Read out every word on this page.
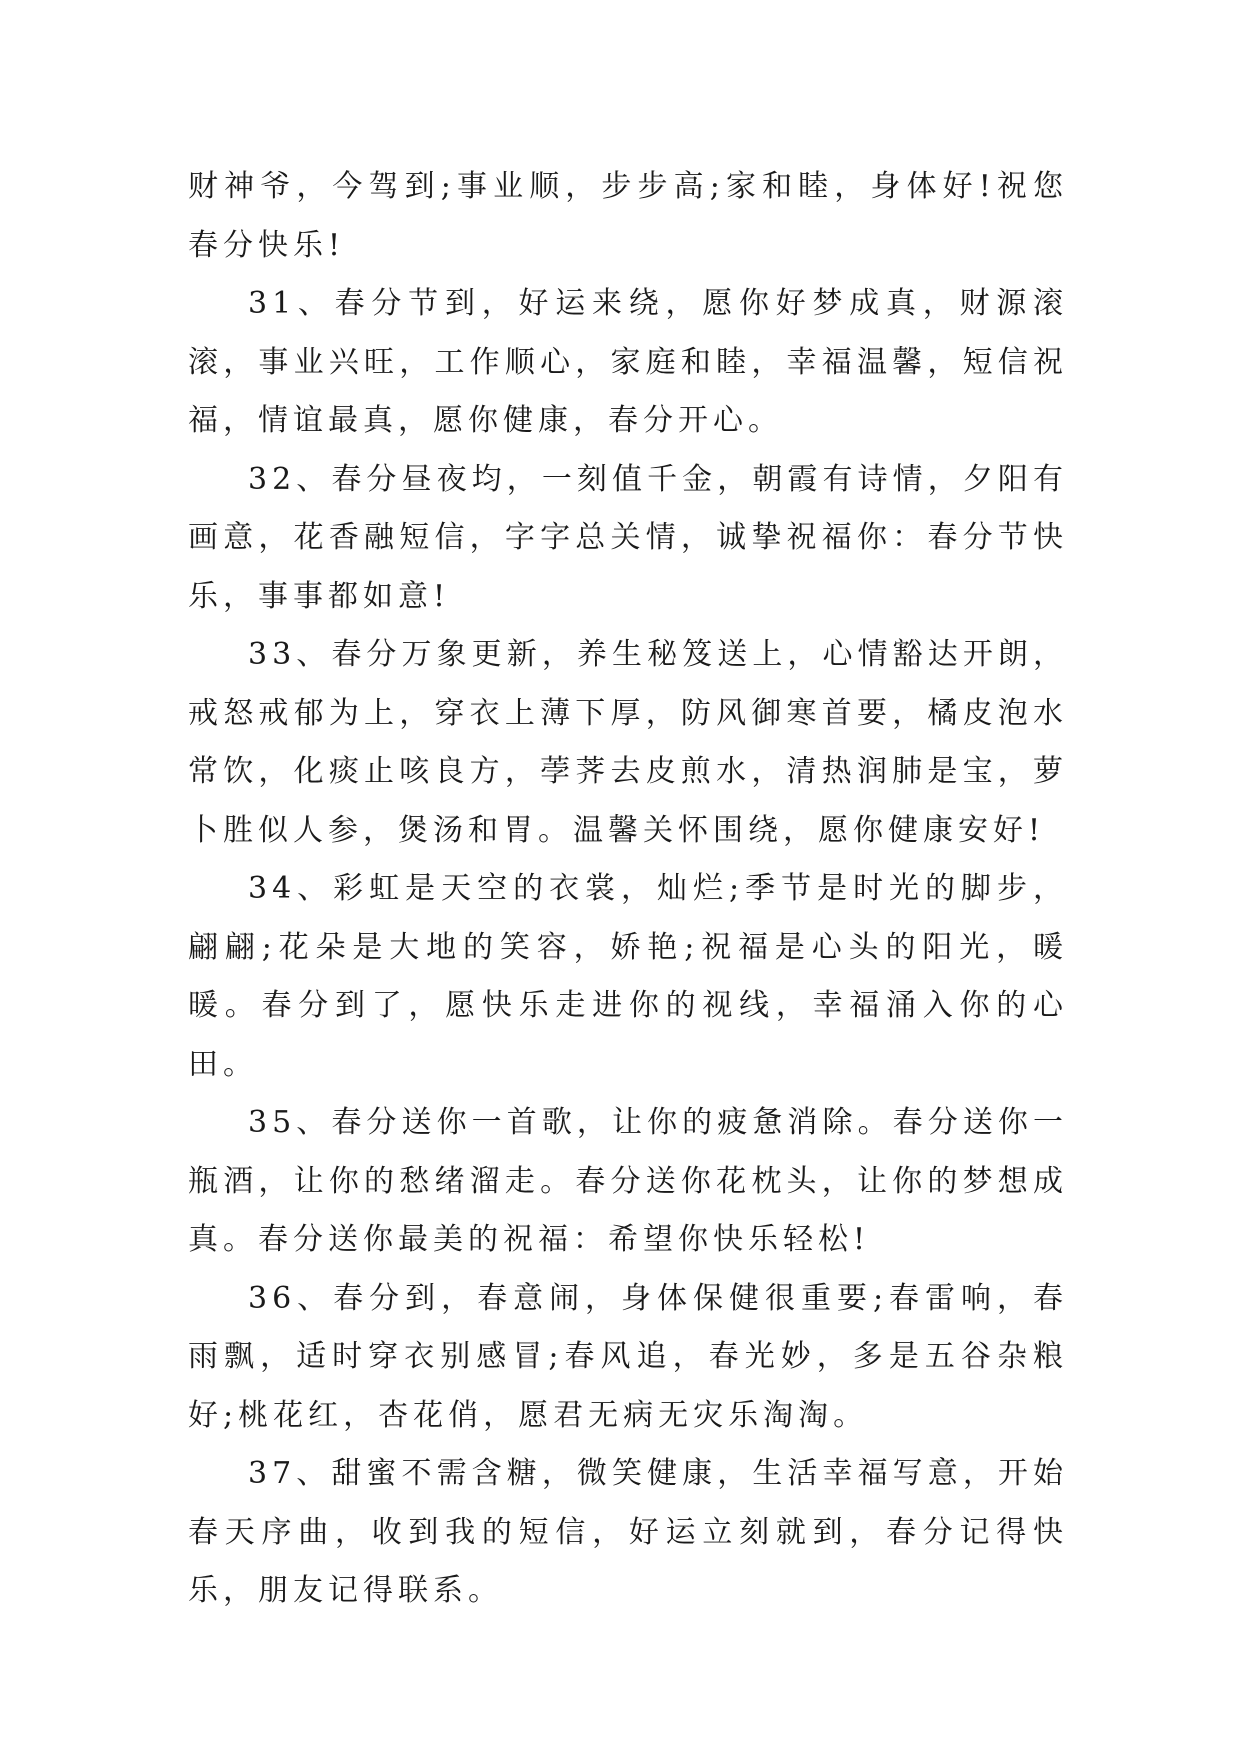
财神爷，今驾到;事业顺，步步高;家和睦，身体好!祝您春分快乐!

31、春分节到，好运来绕，愿你好梦成真，财源滚滚，事业兴旺，工作顺心，家庭和睦，幸福温馨，短信祝福，情谊最真，愿你健康，春分开心。

32、春分昼夜均，一刻值千金，朝霞有诗情，夕阳有画意，花香融短信，字字总关情，诚挚祝福你：春分节快乐，事事都如意!

33、春分万象更新，养生秘笈送上，心情豁达开朗，戒怒戒郁为上，穿衣上薄下厚，防风御寒首要，橘皮泡水常饮，化痰止咳良方，荸荠去皮煎水，清热润肺是宝，萝卜胜似人参，煲汤和胃。温馨关怀围绕，愿你健康安好!

34、彩虹是天空的衣裳，灿烂;季节是时光的脚步，翩翩;花朵是大地的笑容，娇艳;祝福是心头的阳光，暖暖。春分到了，愿快乐走进你的视线，幸福涌入你的心田。

35、春分送你一首歌，让你的疲惫消除。春分送你一瓶酒，让你的愁绪溜走。春分送你花枕头，让你的梦想成真。春分送你最美的祝福：希望你快乐轻松!

36、春分到，春意闹，身体保健很重要;春雷响，春雨飘，适时穿衣别感冒;春风追，春光妙，多是五谷杂粮好;桃花红，杏花俏，愿君无病无灾乐淘淘。

37、甜蜜不需含糖，微笑健康，生活幸福写意，开始春天序曲，收到我的短信，好运立刻就到，春分记得快乐，朋友记得联系。
